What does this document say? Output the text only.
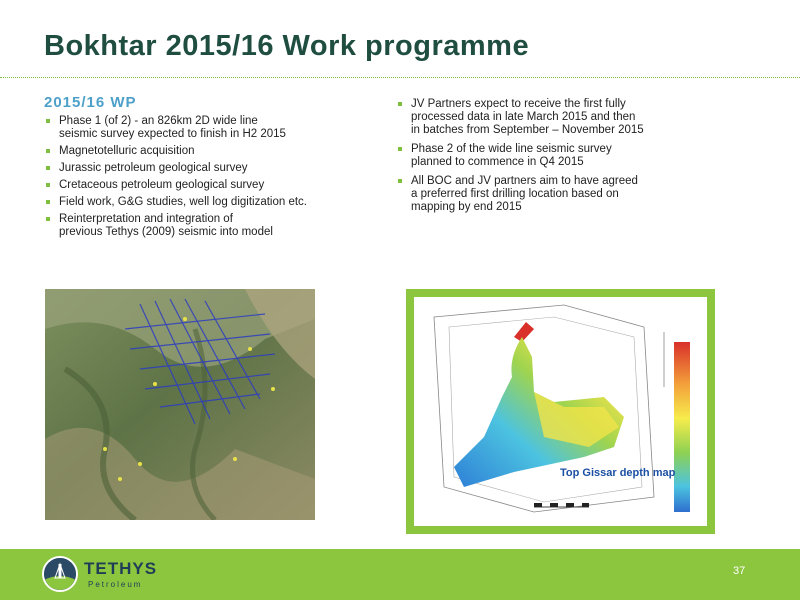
Bokhtar 2015/16 Work programme
2015/16 WP
Phase 1 (of 2) - an 826km 2D wide line
seismic survey expected to finish in H2 2015
Magnetotelluric acquisition
Jurassic petroleum geological survey
Cretaceous petroleum geological survey
Field work, G&G studies, well log digitization etc.
Reinterpretation and integration of
previous Tethys (2009) seismic into model
JV Partners expect to receive the first fully
processed data in late March 2015 and then
in batches from September – November 2015
Phase 2 of the wide line seismic survey
planned to commence in Q4 2015
All BOC and JV partners aim to have agreed
a preferred first drilling location based on
mapping by end 2015
Top Gissar depth map
TETHYS
Petroleum
37
